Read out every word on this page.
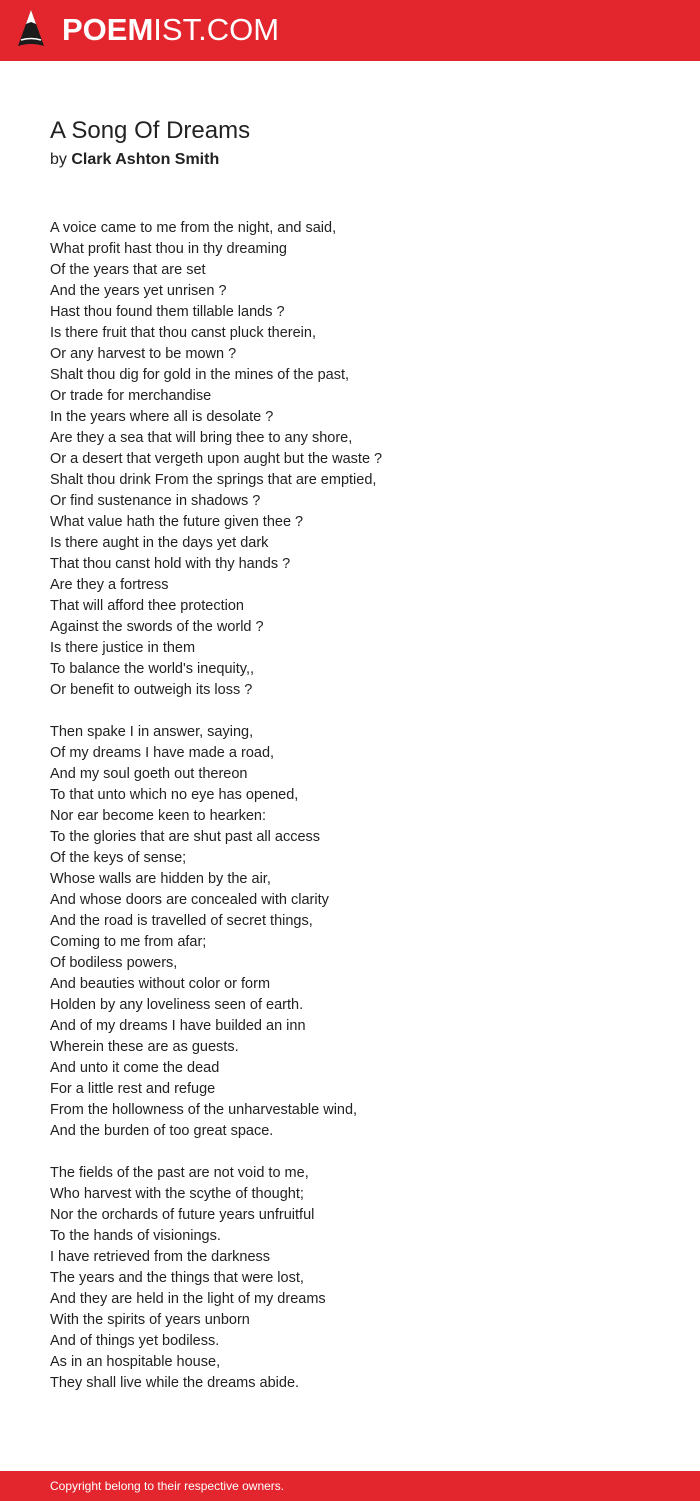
POEMIST.COM
A Song Of Dreams

by Clark Ashton Smith

A voice came to me from the night, and said,
What profit hast thou in thy dreaming
Of the years that are set
And the years yet unrisen ?
Hast thou found them tillable lands ?
Is there fruit that thou canst pluck therein,
Or any harvest to be mown ?
Shalt thou dig for gold in the mines of the past,
Or trade for merchandise
In the years where all is desolate ?
Are they a sea that will bring thee to any shore,
Or a desert that vergeth upon aught but the waste ?
Shalt thou drink From the springs that are emptied,
Or find sustenance in shadows ?
What value hath the future given thee ?
Is there aught in the days yet dark
That thou canst hold with thy hands ?
Are they a fortress
That will afford thee protection
Against the swords of the world ?
Is there justice in them
To balance the world's inequity,,
Or benefit to outweigh its loss ?
Then spake I in answer, saying,
Of my dreams I have made a road,
And my soul goeth out thereon
To that unto which no eye has opened,
Nor ear become keen to hearken:
To the glories that are shut past all access
Of the keys of sense;
Whose walls are hidden by the air,
And whose doors are concealed with clarity
And the road is travelled of secret things,
Coming to me from afar;
Of bodiless powers,
And beauties without color or form
Holden by any loveliness seen of earth.
And of my dreams I have builded an inn
Wherein these are as guests.
And unto it come the dead
For a little rest and refuge
From the hollowness of the unharvestable wind,
And the burden of too great space.
The fields of the past are not void to me,
Who harvest with the scythe of thought;
Nor the orchards of future years unfruitful
To the hands of visionings.
I have retrieved from the darkness
The years and the things that were lost,
And they are held in the light of my dreams
With the spirits of years unborn
And of things yet bodiless.
As in an hospitable house,
They shall live while the dreams abide.
Copyright belong to their respective owners.
